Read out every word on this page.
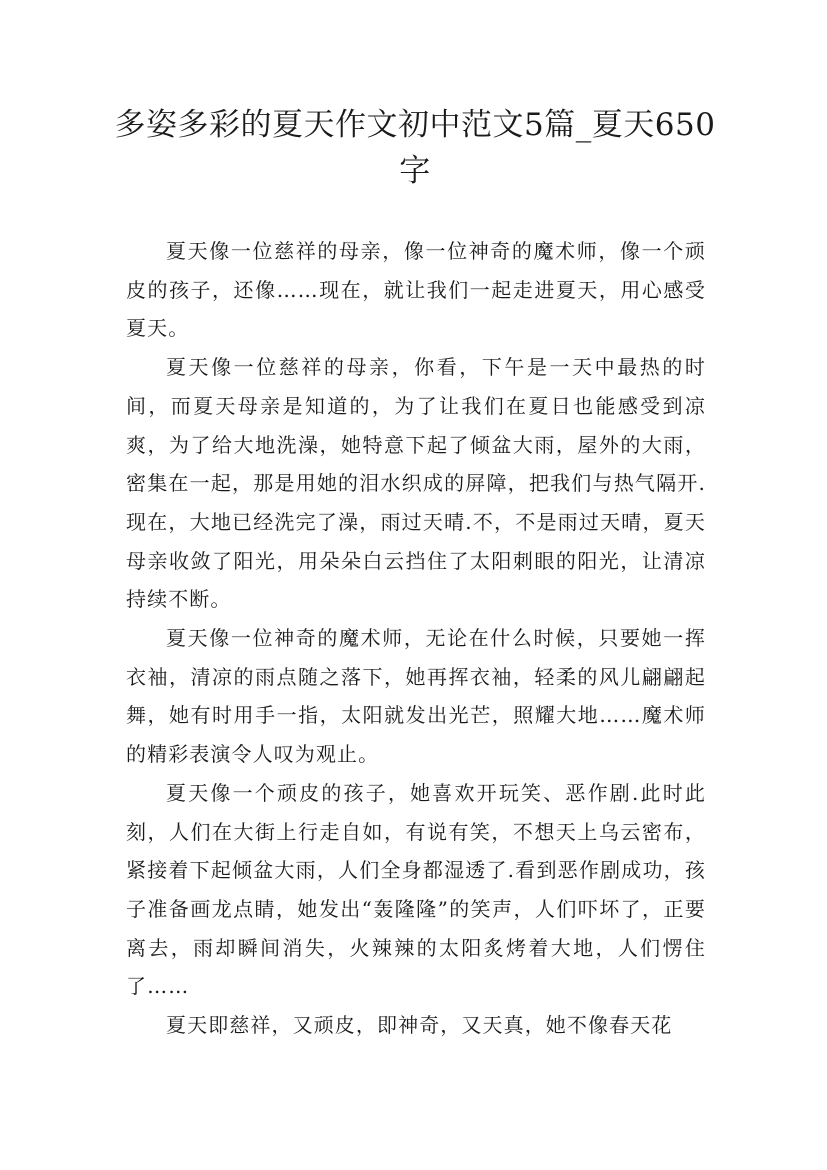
多姿多彩的夏天作文初中范文5篇_夏天650字

夏天像一位慈祥的母亲，像一位神奇的魔术师，像一个顽皮的孩子，还像……现在，就让我们一起走进夏天，用心感受夏天。

夏天像一位慈祥的母亲，你看，下午是一天中最热的时间，而夏天母亲是知道的，为了让我们在夏日也能感受到凉爽，为了给大地洗澡，她特意下起了倾盆大雨，屋外的大雨，密集在一起，那是用她的泪水织成的屏障，把我们与热气隔开.现在，大地已经洗完了澡，雨过天晴.不，不是雨过天晴，夏天母亲收敛了阳光，用朵朵白云挡住了太阳刺眼的阳光，让清凉持续不断。

夏天像一位神奇的魔术师，无论在什么时候，只要她一挥衣袖，清凉的雨点随之落下，她再挥衣袖，轻柔的风儿翩翩起舞，她有时用手一指，太阳就发出光芒，照耀大地……魔术师的精彩表演令人叹为观止。

夏天像一个顽皮的孩子，她喜欢开玩笑、恶作剧.此时此刻，人们在大街上行走自如，有说有笑，不想天上乌云密布，紧接着下起倾盆大雨，人们全身都湿透了.看到恶作剧成功，孩子准备画龙点睛，她发出“轰隆隆”的笑声，人们吓坏了，正要离去，雨却瞬间消失，火辣辣的太阳炙烤着大地，人们愣住了……

夏天即慈祥，又顽皮，即神奇，又天真，她不像春天花
